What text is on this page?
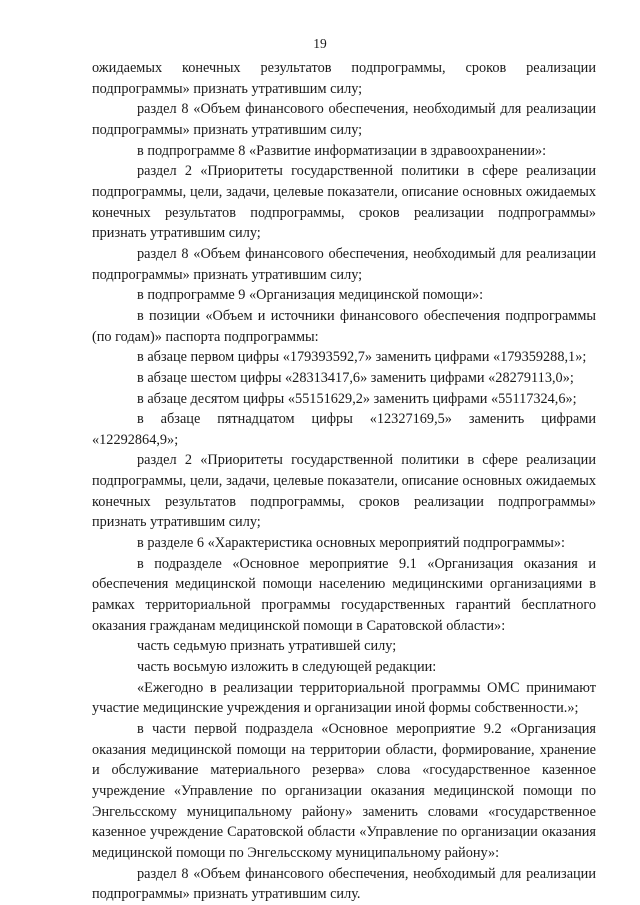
19

ожидаемых конечных результатов подпрограммы, сроков реализации подпрограммы» признать утратившим силу;

раздел 8 «Объем финансового обеспечения, необходимый для реализации подпрограммы» признать утратившим силу;

в подпрограмме 8 «Развитие информатизации в здравоохранении»:

раздел 2 «Приоритеты государственной политики в сфере реализации подпрограммы, цели, задачи, целевые показатели, описание основных ожидаемых конечных результатов подпрограммы, сроков реализации подпрограммы» признать утратившим силу;

раздел 8 «Объем финансового обеспечения, необходимый для реализации подпрограммы» признать утратившим силу;

в подпрограмме 9 «Организация медицинской помощи»:

в позиции «Объем и источники финансового обеспечения подпрограммы (по годам)» паспорта подпрограммы:

в абзаце первом цифры «179393592,7» заменить цифрами «179359288,1»;

в абзаце шестом цифры «28313417,6» заменить цифрами «28279113,0»;

в абзаце десятом цифры «55151629,2» заменить цифрами «55117324,6»;

в абзаце пятнадцатом цифры «12327169,5» заменить цифрами «12292864,9»;

раздел 2 «Приоритеты государственной политики в сфере реализации подпрограммы, цели, задачи, целевые показатели, описание основных ожидаемых конечных результатов подпрограммы, сроков реализации подпрограммы» признать утратившим силу;

в разделе 6 «Характеристика основных мероприятий подпрограммы»:

в подразделе «Основное мероприятие 9.1 «Организация оказания и обеспечения медицинской помощи населению медицинскими организациями в рамках территориальной программы государственных гарантий бесплатного оказания гражданам медицинской помощи в Саратовской области»:

часть седьмую признать утратившей силу;

часть восьмую изложить в следующей редакции:

«Ежегодно в реализации территориальной программы ОМС принимают участие медицинские учреждения и организации иной формы собственности.»;

в части первой подраздела «Основное мероприятие 9.2 «Организация оказания медицинской помощи на территории области, формирование, хранение и обслуживание материального резерва» слова «государственное казенное учреждение «Управление по организации оказания медицинской помощи по Энгельсскому муниципальному району» заменить словами «государственное казенное учреждение Саратовской области «Управление по организации оказания медицинской помощи по Энгельсскому муниципальному району»:

раздел 8 «Объем финансового обеспечения, необходимый для реализации подпрограммы» признать утратившим силу.
